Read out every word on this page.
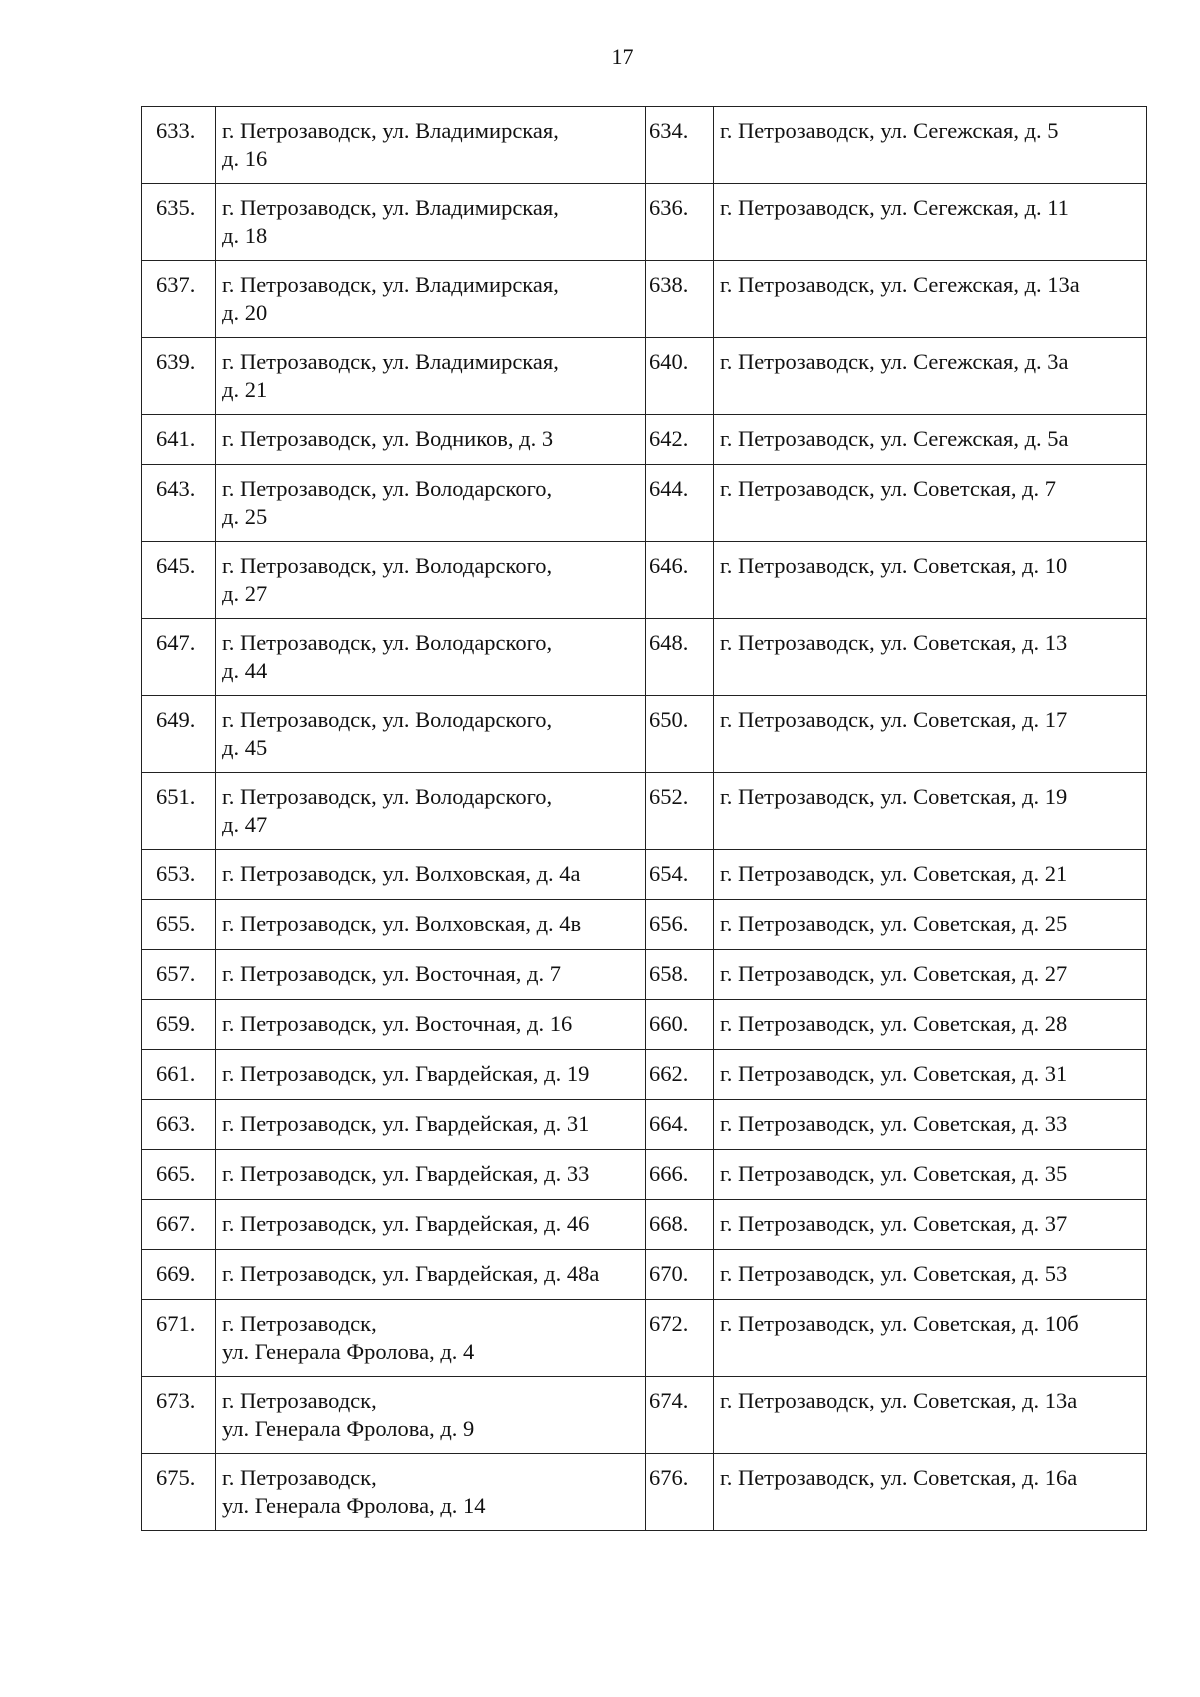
17
633.	г. Петрозаводск, ул. Владимирская,
д. 16	634.	г. Петрозаводск, ул. Сегежская, д. 5

635.	г. Петрозаводск, ул. Владимирская,
д. 18	636.	г. Петрозаводск, ул. Сегежская, д. 11

637.	г. Петрозаводск, ул. Владимирская,
д. 20	638.	г. Петрозаводск, ул. Сегежская, д. 13а

639.	г. Петрозаводск, ул. Владимирская,
д. 21	640.	г. Петрозаводск, ул. Сегежская, д. 3а

641.	г. Петрозаводск, ул. Водников, д. 3	642.	г. Петрозаводск, ул. Сегежская, д. 5а

643.	г. Петрозаводск, ул. Володарского,
д. 25	644.	г. Петрозаводск, ул. Советская, д. 7

645.	г. Петрозаводск, ул. Володарского,
д. 27	646.	г. Петрозаводск, ул. Советская, д. 10

647.	г. Петрозаводск, ул. Володарского,
д. 44	648.	г. Петрозаводск, ул. Советская, д. 13

649.	г. Петрозаводск, ул. Володарского,
д. 45	650.	г. Петрозаводск, ул. Советская, д. 17

651.	г. Петрозаводск, ул. Володарского,
д. 47	652.	г. Петрозаводск, ул. Советская, д. 19

653.	г. Петрозаводск, ул. Волховская, д. 4а	654.	г. Петрозаводск, ул. Советская, д. 21

655.	г. Петрозаводск, ул. Волховская, д. 4в	656.	г. Петрозаводск, ул. Советская, д. 25

657.	г. Петрозаводск, ул. Восточная, д. 7	658.	г. Петрозаводск, ул. Советская, д. 27

659.	г. Петрозаводск, ул. Восточная, д. 16	660.	г. Петрозаводск, ул. Советская, д. 28

661.	г. Петрозаводск, ул. Гвардейская, д. 19	662.	г. Петрозаводск, ул. Советская, д. 31

663.	г. Петрозаводск, ул. Гвардейская, д. 31	664.	г. Петрозаводск, ул. Советская, д. 33

665.	г. Петрозаводск, ул. Гвардейская, д. 33	666.	г. Петрозаводск, ул. Советская, д. 35

667.	г. Петрозаводск, ул. Гвардейская, д. 46	668.	г. Петрозаводск, ул. Советская, д. 37

669.	г. Петрозаводск, ул. Гвардейская, д. 48а	670.	г. Петрозаводск, ул. Советская, д. 53

671.	г. Петрозаводск,
ул. Генерала Фролова, д. 4	672.	г. Петрозаводск, ул. Советская, д. 10б

673.	г. Петрозаводск,
ул. Генерала Фролова, д. 9	674.	г. Петрозаводск, ул. Советская, д. 13а

675.	г. Петрозаводск,
ул. Генерала Фролова, д. 14	676.	г. Петрозаводск, ул. Советская, д. 16а
